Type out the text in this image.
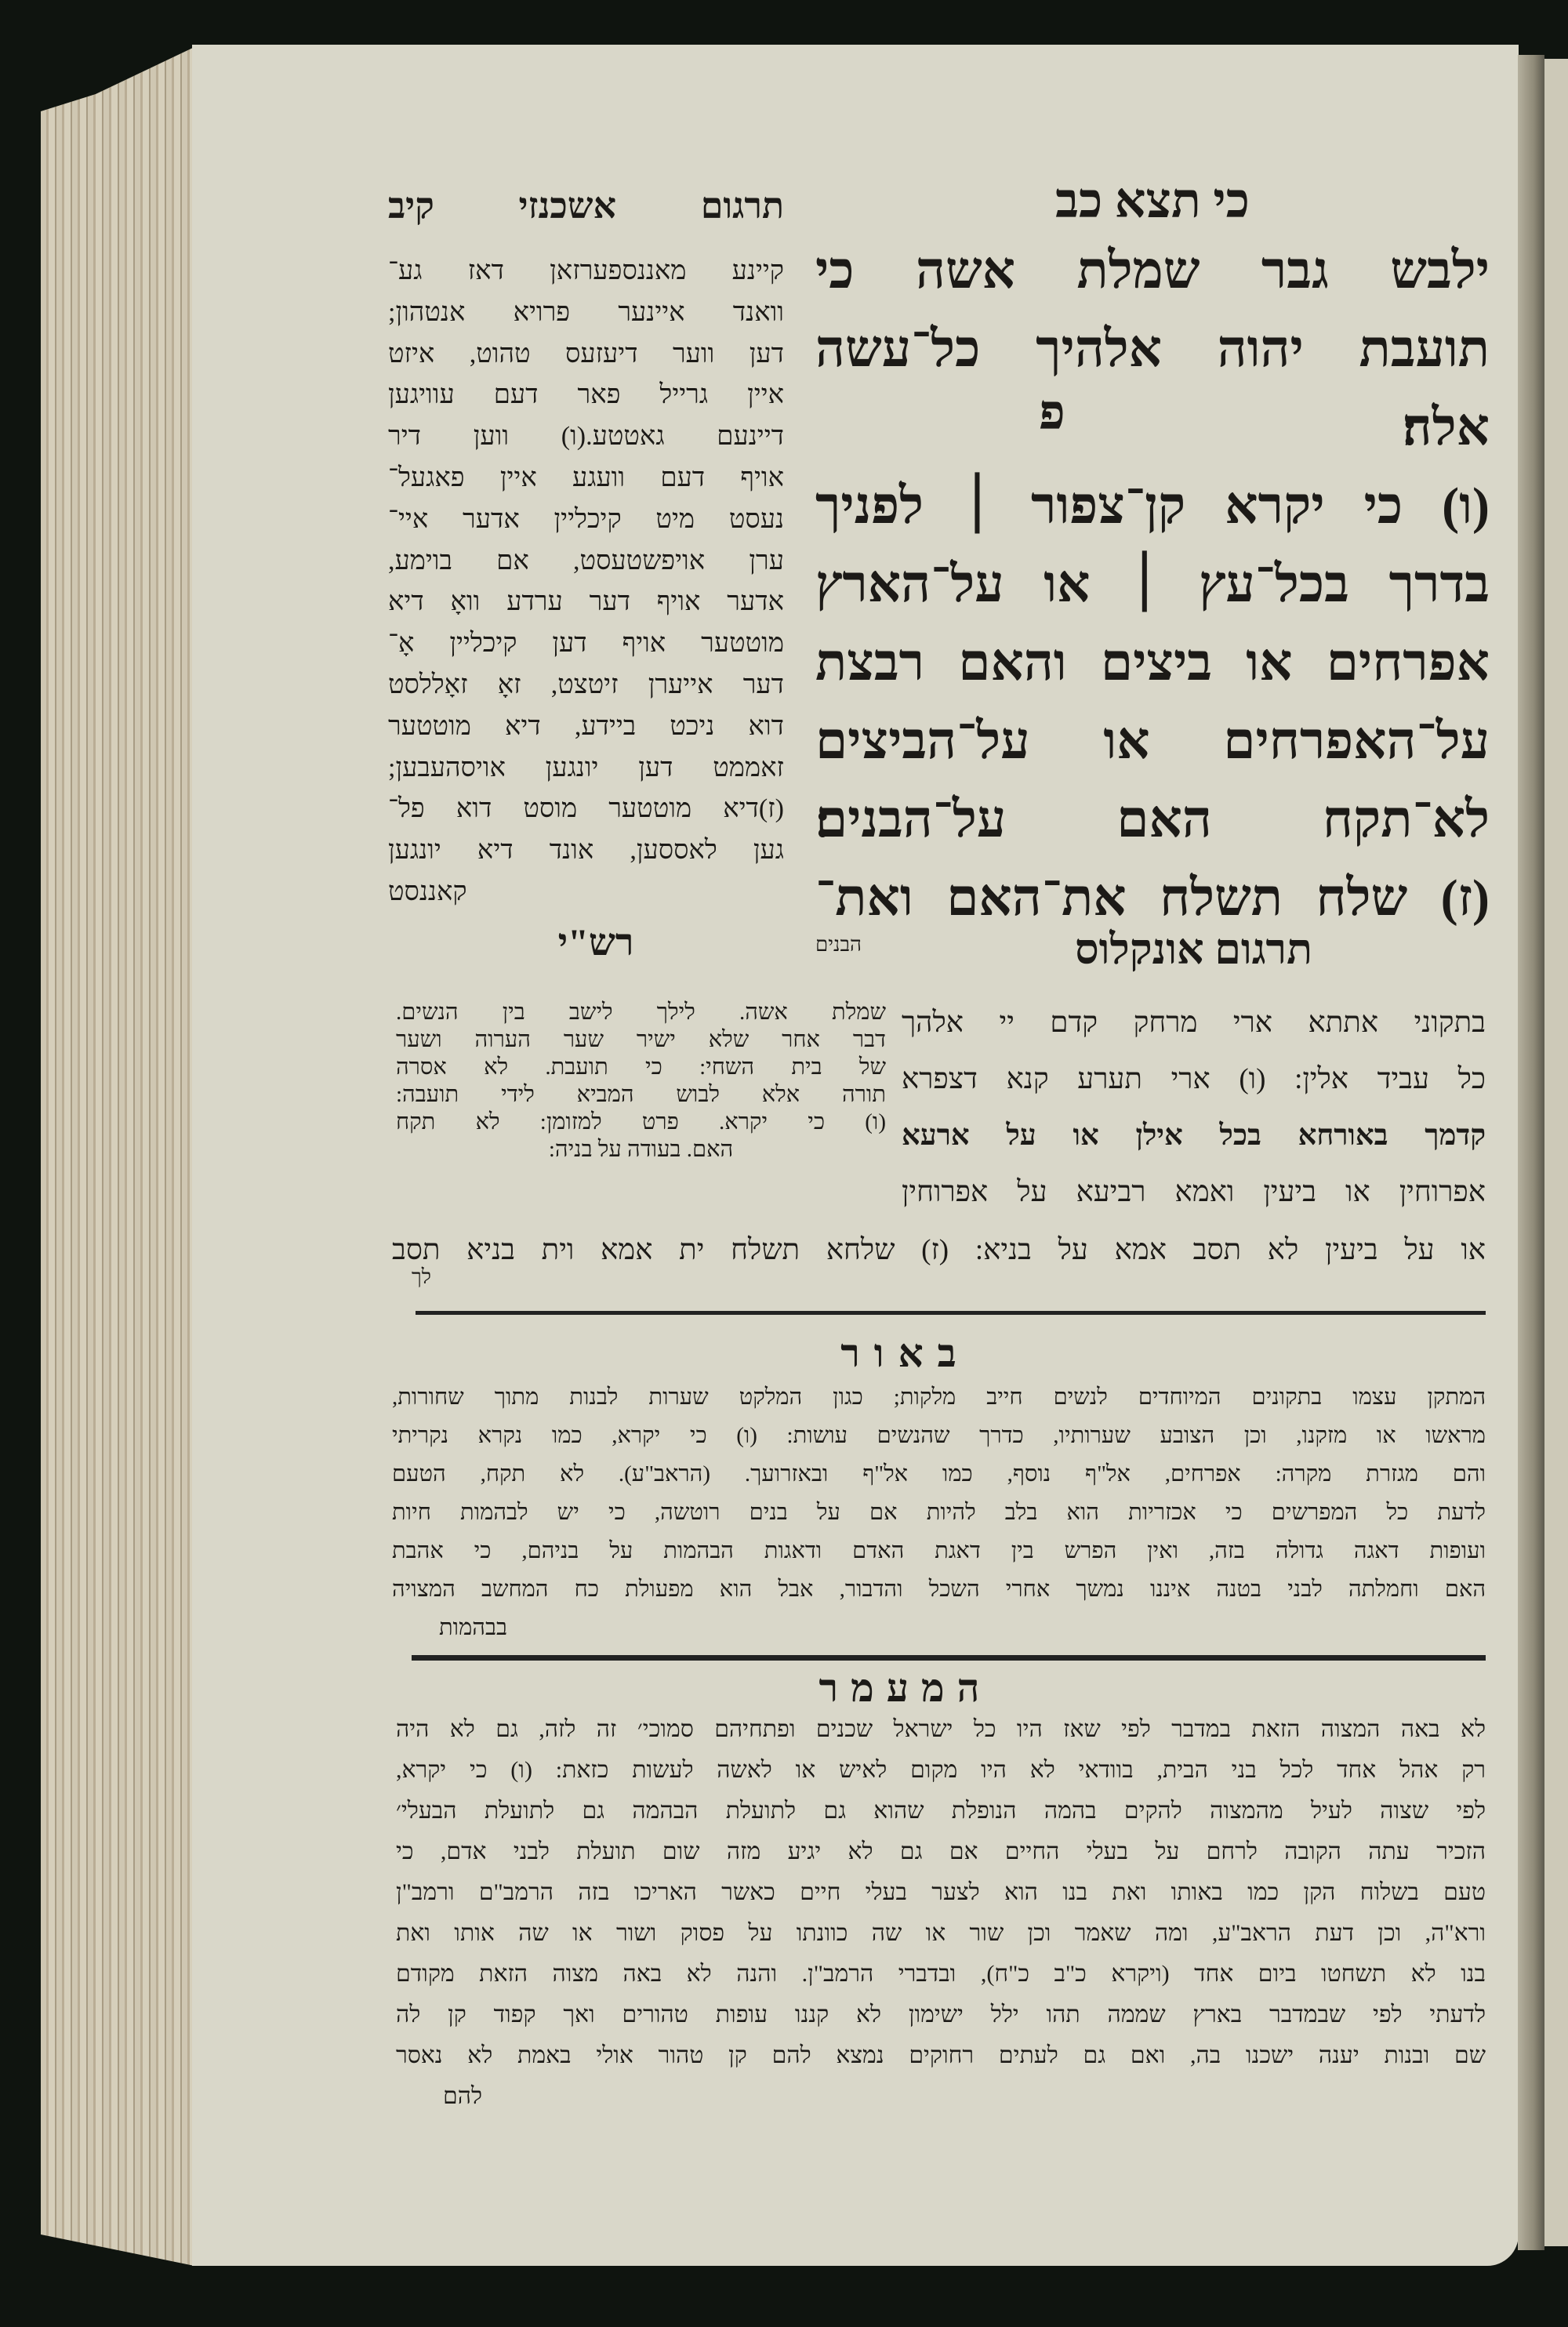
כי תצא כב
תרגום אשכנזי קיב
ילבש גבר שמלת אשה כי
תועבת יהוה אלהיך כל־עשה
אלה׃
(ו) כי יקרא קן־צפור ׀ לפניך
בדרך בכל־עץ ׀ או על־הארץ
אפרחים או ביצים והאם רבצת
על־האפרחים או על־הביצים
לא־תקח האם על־הבנים׃
(ז) שלח תשלח את־האם ואת־
פ
הבנים
קיינע מאננספערזאן דאז גע־
וואנד איינער פרויא אנטהון;
דען ווער דיעזעס טהוט, איזט
איין גרייל פאר דעם עוויגען
דיינעם גאטטע.(ו) ווען דיר
אויף דעם וועגע איין פאגעל־
נעסט מיט קיכליין אדער איי־
ערן אויפשטעסט, אם בוימע,
אדער אויף דער ערדע וואָ דיא
מוטטער אויף דען קיכליין אָ־
דער אייערן זיטצט, זאָ זאָללסט
דוא ניכט ביידע, דיא מוטטער
זאממט דען יונגען אויסהעבען;
(ז)דיא מוטטער מוסט דוא פל־
גען לאססען, אונד דיא יונגען
קאננסט
רש"י
שמלת אשה. לילך לישב בין הנשים.
דבר אחר שלא ישיר שער הערוה ושער
של בית השחי: כי תועבת. לא אסרה
תורה אלא לבוש המביא לידי תועבה:
(ו) כי יקרא. פרט למזומן: לא תקח
האם. בעודה על בניה:
תרגום אונקלוס
בתקוני אתתא ארי מרחק קדם יי אלהך
כל עביד אלין: (ו) ארי תערע קנא דצפרא
קדמך באורחא בכל אילן או על ארעא
אפרוחין או ביעין ואמא רביעא על אפרוחין
או על ביעין לא תסב אמא על בניא: (ז) שלחא תשלח ית אמא וית בניא תסב
לך
באור
המתקן עצמו בתקונים המיוחדים לנשים חייב מלקות; כגון המלקט שערות לבנות מתוך שחורות,
מראשו או מזקנו, וכן הצובע שערותיו, כדרך שהנשים עושות: (ו) כי יקרא, כמו נקרא נקריתי
והם מגזרת מקרה: אפרחים, אל"ף נוסף, כמו אל"ף ובאזרועך. (הראב"ע). לא תקח, הטעם
לדעת כל המפרשים כי אכזריות הוא בלב להיות אם על בנים רוטשה, כי יש לבהמות חיות
ועופות דאגה גדולה בזה, ואין הפרש בין דאגת האדם ודאגות הבהמות על בניהם, כי אהבת
האם וחמלתה לבני בטנה איננו נמשך אחרי השכל והדבור, אבל הוא מפעולת כח המחשב המצויה
בבהמות
המעמר
לא באה המצוה הזאת במדבר לפי שאז היו כל ישראל שכנים ופתחיהם סמוכי׳ זה לזה, גם לא היה
רק אהל אחד לכל בני הבית, בוודאי לא היו מקום לאיש או לאשה לעשות כזאת: (ו) כי יקרא,
לפי שצוה לעיל מהמצוה להקים בהמה הנופלת שהוא גם לתועלת הבהמה גם לתועלת הבעלי׳
הזכיר עתה הקובה לרחם על בעלי החיים אם גם לא יגיע מזה שום תועלת לבני אדם, כי
טעם בשלוח הקן כמו באותו ואת בנו הוא לצער בעלי חיים כאשר האריכו בזה הרמב"ם ורמב"ן
ורא"ה, וכן דעת הראב"ע, ומה שאמר וכן שור או שה כוונתו על פסוק ושור או שה אותו ואת
בנו לא תשחטו ביום אחד (ויקרא כ"ב כ"ח), ובדברי הרמב"ן. והנה לא באה מצוה הזאת מקודם
לדעתי לפי שבמדבר בארץ שממה תהו ילל ישימון לא קננו עופות טהורים ואך קפוד קן לה
שם ובנות יענה ישכנו בה, ואם גם לעתים רחוקים נמצא להם קן טהור אולי באמת לא נאסר
להם
